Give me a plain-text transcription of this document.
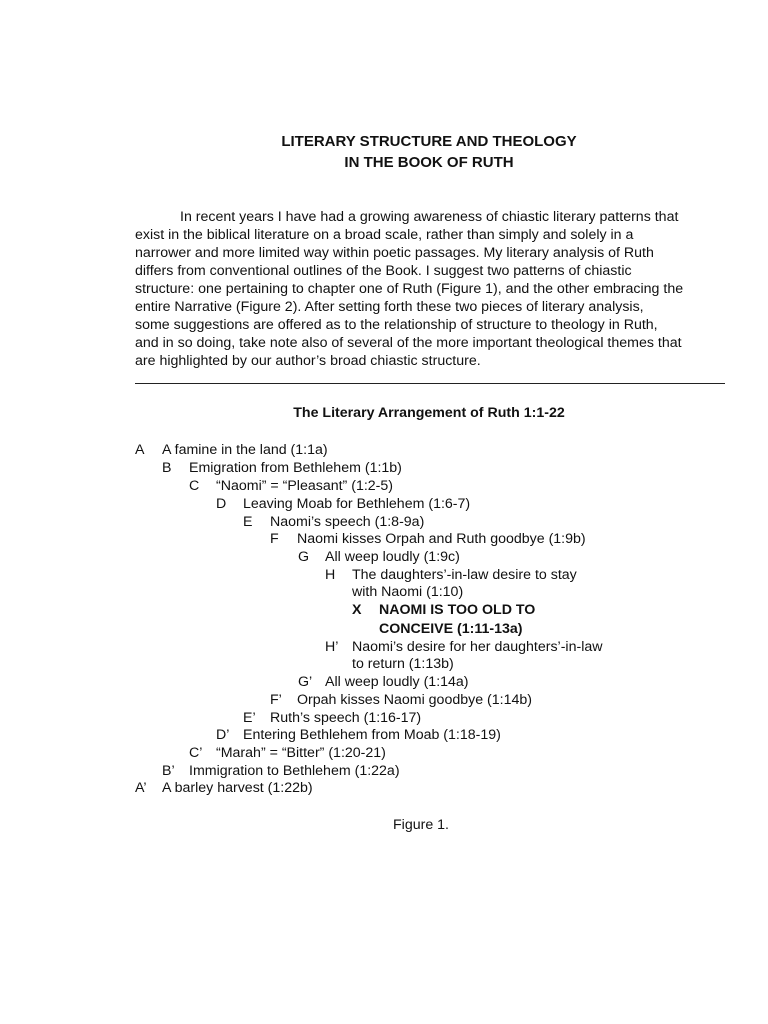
LITERARY STRUCTURE AND THEOLOGY
IN THE BOOK OF RUTH
In recent years I have had a growing awareness of chiastic literary patterns that
exist in the biblical literature on a broad scale, rather than simply and solely in a
narrower and more limited way within poetic passages. My literary analysis of Ruth
differs from conventional outlines of the Book. I suggest two patterns of chiastic
structure: one pertaining to chapter one of Ruth (Figure 1), and the other embracing the
entire Narrative (Figure 2). After setting forth these two pieces of literary analysis,
some suggestions are offered as to the relationship of structure to theology in Ruth,
and in so doing, take note also of several of the more important theological themes that
are highlighted by our author’s broad chiastic structure.
The Literary Arrangement of Ruth 1:1-22
A A famine in the land (1:1a)
B Emigration from Bethlehem (1:1b)
C “Naomi” = “Pleasant” (1:2-5)
D Leaving Moab for Bethlehem (1:6-7)
E Naomi’s speech (1:8-9a)
F Naomi kisses Orpah and Ruth goodbye (1:9b)
G All weep loudly (1:9c)
H The daughters’-in-law desire to stay
with Naomi (1:10)
X NAOMI IS TOO OLD TO
CONCEIVE (1:11-13a)
H’ Naomi’s desire for her daughters’-in-law
to return (1:13b)
G’ All weep loudly (1:14a)
F’ Orpah kisses Naomi goodbye (1:14b)
E’ Ruth’s speech (1:16-17)
D’ Entering Bethlehem from Moab (1:18-19)
C’ “Marah” = “Bitter” (1:20-21)
B’ Immigration to Bethlehem (1:22a)
A’ A barley harvest (1:22b)
Figure 1.
